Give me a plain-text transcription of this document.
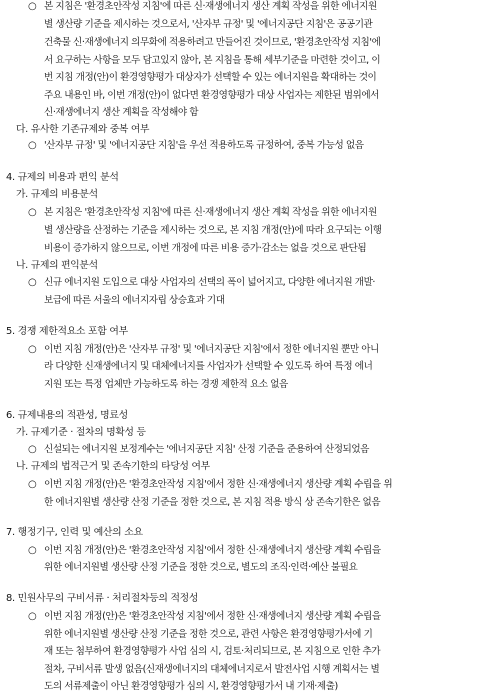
○ 본 지침은 '환경초안작성 지침'에 따른 신·재생에너지 생산 계획 작성을 위한 에너지원
별 생산량 기준을 제시하는 것으로서, '산자부 규정' 및 '에너지공단 지침'은 공공기관
건축물 신·재생에너지 의무화에 적용하려고 만들어진 것이므로, '환경초안작성 지침'에
서 요구하는 사항을 모두 담고있지 않아, 본 지침을 통해 세부기준을 마련한 것이고, 이
번 지침 개정(안)이 환경영향평가 대상자가 선택할 수 있는 에너지원을 확대하는 것이
주요 내용인 바, 이번 개정(안)이 없다면 환경영향평가 대상 사업자는 제한된 범위에서
신·재생에너지 생산 계획을 작성해야 함
다. 유사한 기존규제와 중복 여부
○ '산자부 규정' 및 '에너지공단 지침'을 우선 적용하도록 규정하여, 중복 가능성 없음
4. 규제의 비용과 편익 분석
가. 규제의 비용분석
○ 본 지침은 '환경초안작성 지침'에 따른 신·재생에너지 생산 계획 작성을 위한 에너지원
별 생산량을 산정하는 기준을 제시하는 것으로, 본 지침 개정(안)에 따라 요구되는 이행
비용이 증가하지 않으므로, 이번 개정에 따른 비용 증가·감소는 없을 것으로 판단됨
나. 규제의 편익분석
○ 신규 에너지원 도입으로 대상 사업자의 선택의 폭이 넓어지고, 다양한 에너지원 개발·
보급에 따른 서울의 에너지자립 상승효과 기대
5. 경쟁 제한적요소 포함 여부
○ 이번 지침 개정(안)은 '산자부 규정' 및 '에너지공단 지침'에서 정한 에너지원 뿐만 아니
라 다양한 신재생에너지 및 대체에너지를 사업자가 선택할 수 있도록 하여 특정 에너
지원 또는 특정 업체만 가능하도록 하는 경쟁 제한적 요소 없음
6. 규제내용의 적관성, 명료성
가. 규제기준 · 절차의 명확성 등
○ 신설되는 에너지원 보정계수는 '에너지공단 지침' 산정 기준을 준용하여 산정되었음
나. 규제의 법적근거 및 존속기한의 타당성 여부
○ 이번 지침 개정(안)은 '환경초안작성 지침'에서 정한 신·재생에너지 생산량 계획 수립을 위
한 에너지원별 생산량 산정 기준을 정한 것으로, 본 지침 적용 방식 상 존속기한은 없음
7. 행정기구, 인력 및 예산의 소요
○ 이번 지침 개정(안)은 '환경초안작성 지침'에서 정한 신·재생에너지 생산량 계획 수립을
위한 에너지원별 생산량 산정 기준을 정한 것으로, 별도의 조직·인력·예산 불필요
8. 민원사무의 구비서류 · 처리절차등의 적정성
○ 이번 지침 개정(안)은 '환경초안작성 지침'에서 정한 신·재생에너지 생산량 계획 수립을
위한 에너지원별 생산량 산정 기준을 정한 것으로, 관련 사항은 환경영향평가서에 기
재 또는 첨부하여 환경영향평가 사업 심의 시, 검토·처리되므로, 본 지침으로 인한 추가
절차, 구비서류 발생 없음(신재생에너지의 대체에너지로서 발전사업 시행 계획서는 별
도의 서류제출이 아닌 환경영향평가 심의 시, 환경영향평가서 내 기재·제출)
